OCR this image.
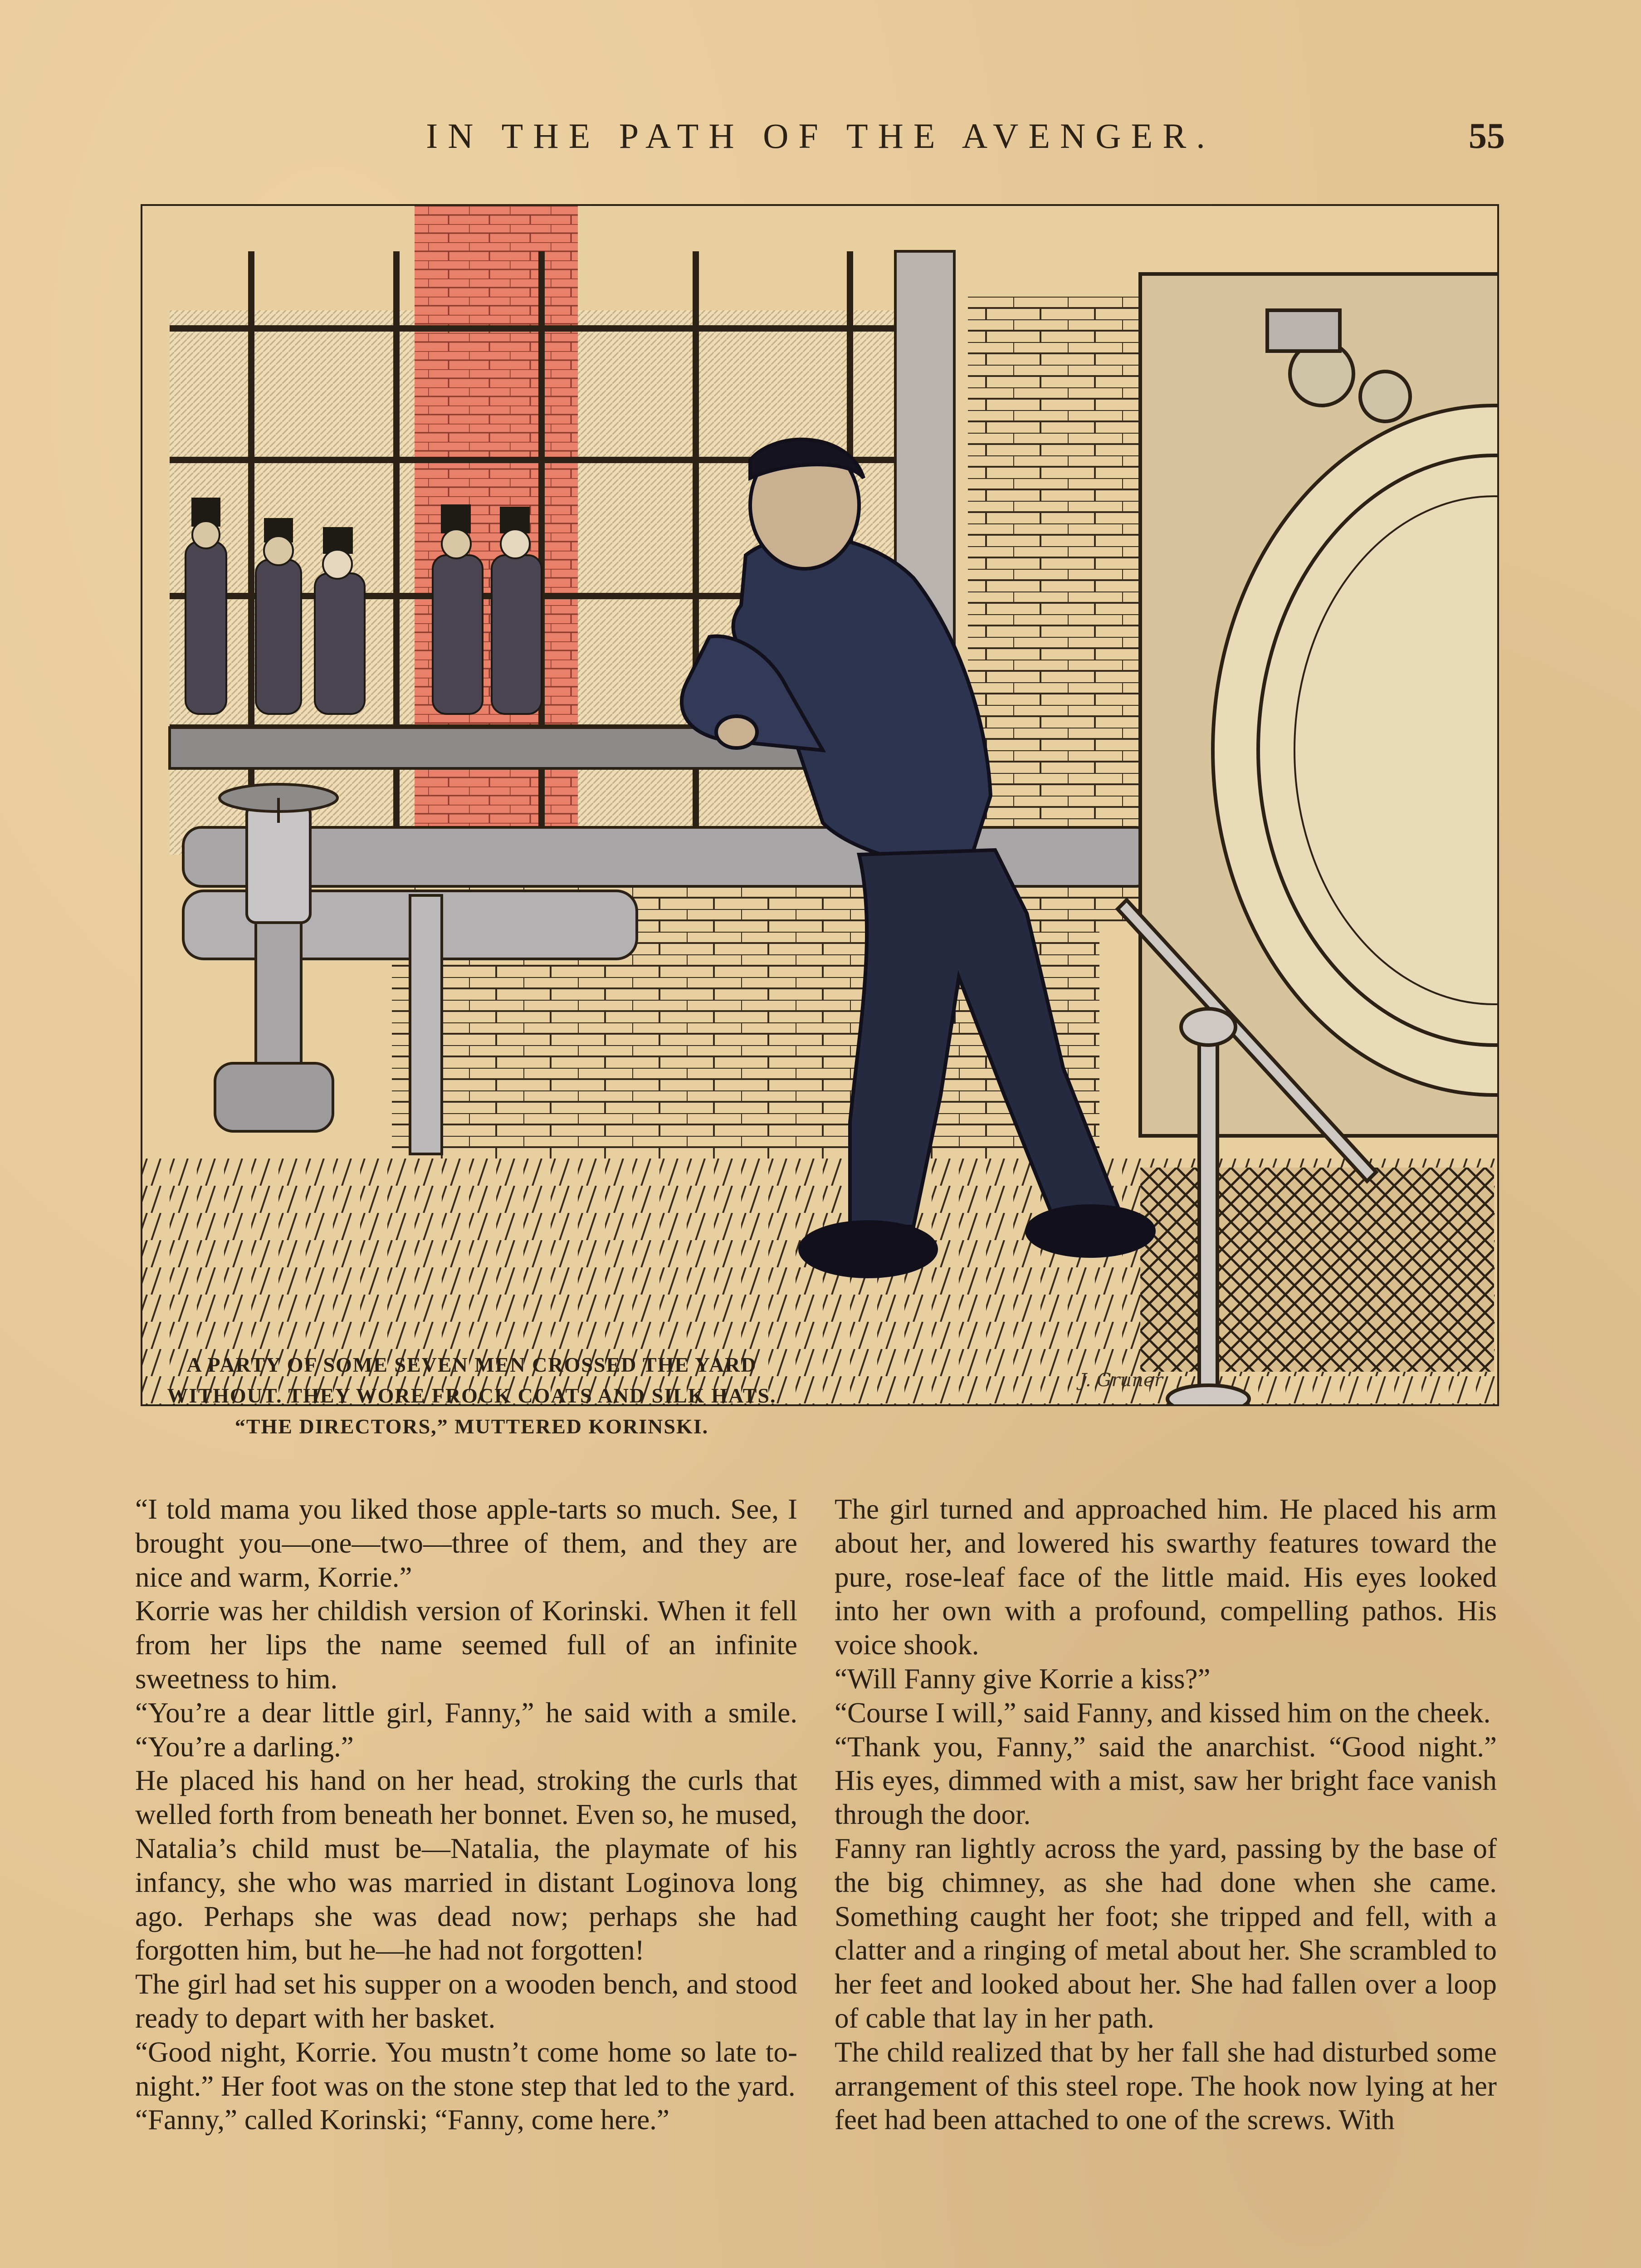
IN THE PATH OF THE AVENGER.	55
A PARTY OF SOME SEVEN MEN CROSSED THE YARD WITHOUT. THEY WORE FROCK COATS AND SILK HATS. “THE DIRECTORS,” MUTTERED KORINSKI.
J. Gruner

“I told mama you liked those apple-tarts so much. See, I brought you—one—two—three of them, and they are nice and warm, Korrie.”

Korrie was her childish version of Korinski. When it fell from her lips the name seemed full of an infinite sweetness to him.

“You’re a dear little girl, Fanny,” he said with a smile. “You’re a darling.”

He placed his hand on her head, stroking the curls that welled forth from beneath her bonnet. Even so, he mused, Natalia’s child must be—Natalia, the playmate of his infancy, she who was married in distant Loginova long ago. Perhaps she was dead now; perhaps she had forgotten him, but he—he had not forgotten!

The girl had set his supper on a wooden bench, and stood ready to depart with her basket.

“Good night, Korrie. You mustn’t come home so late to-night.” Her foot was on the stone step that led to the yard.

“Fanny,” called Korinski; “Fanny, come here.”

The girl turned and approached him. He placed his arm about her, and lowered his swarthy features toward the pure, rose-leaf face of the little maid. His eyes looked into her own with a profound, compelling pathos. His voice shook.

“Will Fanny give Korrie a kiss?”

“Course I will,” said Fanny, and kissed him on the cheek.

“Thank you, Fanny,” said the anarchist. “Good night.” His eyes, dimmed with a mist, saw her bright face vanish through the door.

Fanny ran lightly across the yard, passing by the base of the big chimney, as she had done when she came. Something caught her foot; she tripped and fell, with a clatter and a ringing of metal about her. She scrambled to her feet and looked about her. She had fallen over a loop of cable that lay in her path.

The child realized that by her fall she had disturbed some arrangement of this steel rope. The hook now lying at her feet had been attached to one of the screws. With
